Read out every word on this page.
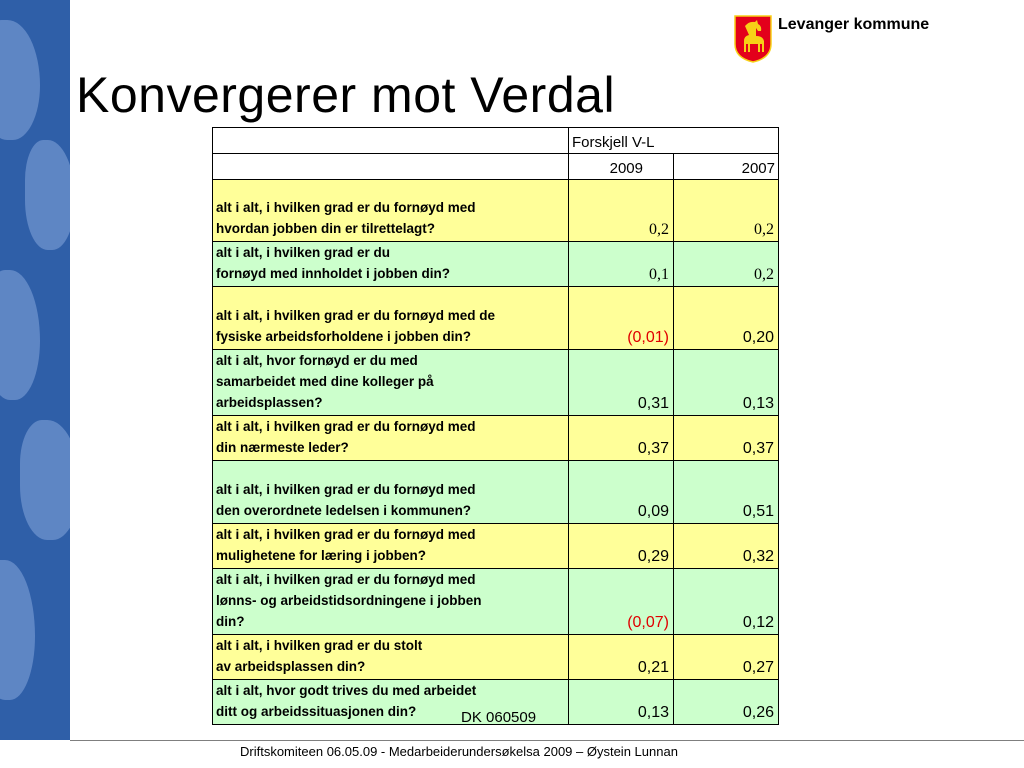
Levanger kommune
Konvergerer mot Verdal
	Forskjell V-L	
	2009	2007

alt i alt, i hvilken grad er du fornøyd med
hvordan jobben din er tilrettelagt?	0,2	0,2

alt i alt, i hvilken grad er du
fornøyd med innholdet i jobben din?	0,1	0,2

alt i alt, i hvilken grad er du fornøyd med de
fysiske arbeidsforholdene i jobben din?	(0,01)	0,20

alt i alt, hvor fornøyd er du med
samarbeidet med dine kolleger på
arbeidsplassen?	0,31	0,13

alt i alt, i hvilken grad er du fornøyd med
din nærmeste leder?	0,37	0,37

alt i alt, i hvilken grad er du fornøyd med
den overordnete ledelsen i kommunen?	0,09	0,51

alt i alt, i hvilken grad er du fornøyd med
mulighetene for læring i jobben?	0,29	0,32

alt i alt, i hvilken grad er du fornøyd med
lønns- og arbeidstidsordningene i jobben
din?	(0,07)	0,12

alt i alt, i hvilken grad er du stolt
av arbeidsplassen din?	0,21	0,27

alt i alt, hvor godt trives du med arbeidet
ditt og arbeidssituasjonen din?	0,13	0,26
DK 060509
Driftskomiteen 06.05.09 - Medarbeiderundersøkelsa 2009 – Øystein Lunnan
